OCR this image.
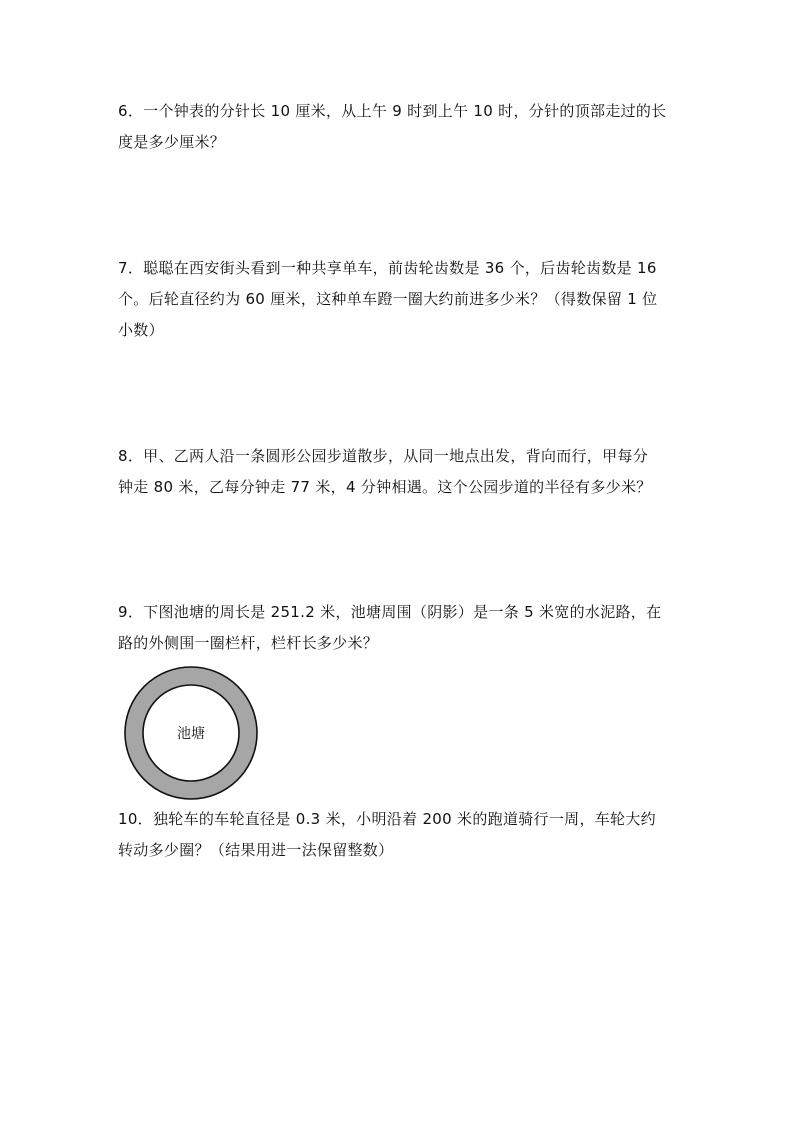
6．一个钟表的分针长 10 厘米，从上午 9 时到上午 10 时，分针的顶部走过的长

度是多少厘米？

7．聪聪在西安街头看到一种共享单车，前齿轮齿数是 36 个，后齿轮齿数是 16

个。后轮直径约为 60 厘米，这种单车蹬一圈大约前进多少米？（得数保留 1 位

小数）

8．甲、乙两人沿一条圆形公园步道散步，从同一地点出发，背向而行，甲每分

钟走 80 米，乙每分钟走 77 米，4 分钟相遇。这个公园步道的半径有多少米？

9．下图池塘的周长是 251.2 米，池塘周围（阴影）是一条 5 米宽的水泥路，在

路的外侧围一圈栏杆，栏杆长多少米？

池塘

10．独轮车的车轮直径是 0.3 米，小明沿着 200 米的跑道骑行一周，车轮大约

转动多少圈？（结果用进一法保留整数）
